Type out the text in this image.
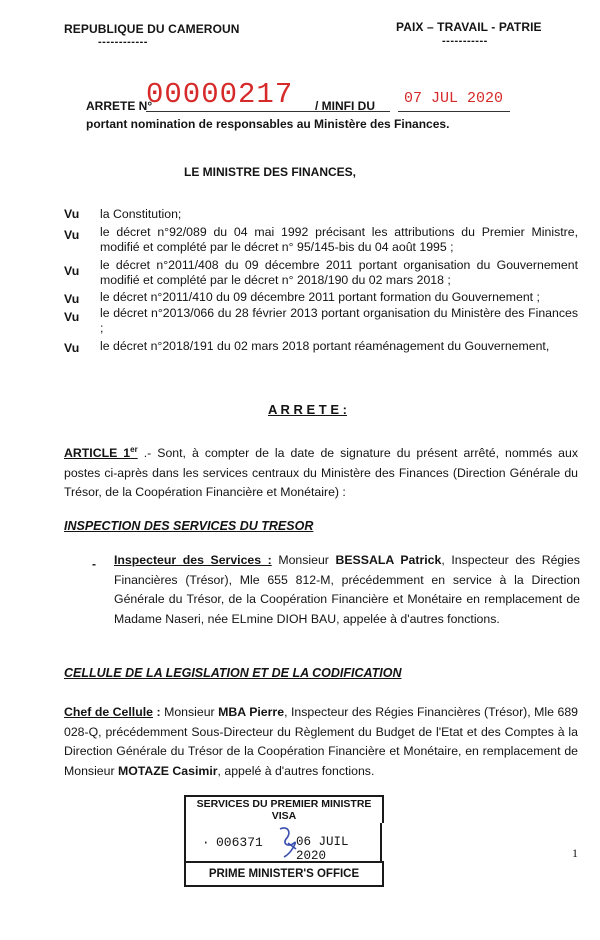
REPUBLIQUE DU CAMEROUN
------------
PAIX – TRAVAIL - PATRIE
-----------
ARRETE N°
00000217 / MINFI DU 07 JUL 2020
portant nomination de responsables au Ministère des Finances.
LE MINISTRE DES FINANCES,
Vu la Constitution;
Vu le décret n°92/089 du 04 mai 1992 précisant les attributions du Premier Ministre, modifié et complété par le décret n° 95/145-bis du 04 août 1995 ;
Vu le décret n°2011/408 du 09 décembre 2011 portant organisation du Gouvernement modifié et complété par le décret n° 2018/190 du 02 mars 2018 ;
Vu le décret n°2011/410 du 09 décembre 2011 portant formation du Gouvernement ;
Vu le décret n°2013/066 du 28 février 2013 portant organisation du Ministère des Finances ;
Vu le décret n°2018/191 du 02 mars 2018 portant réaménagement du Gouvernement,
A R R E T E :
ARTICLE 1er .- Sont, à compter de la date de signature du présent arrêté, nommés aux postes ci-après dans les services centraux du Ministère des Finances (Direction Générale du Trésor, de la Coopération Financière et Monétaire) :
INSPECTION DES SERVICES DU TRESOR
- Inspecteur des Services : Monsieur BESSALA Patrick, Inspecteur des Régies Financières (Trésor), Mle 655 812-M, précédemment en service à la Direction Générale du Trésor, de la Coopération Financière et Monétaire en remplacement de Madame Naseri, née ELmine DIOH BAU, appelée à d'autres fonctions.
CELLULE DE LA LEGISLATION ET DE LA CODIFICATION
Chef de Cellule : Monsieur MBA Pierre, Inspecteur des Régies Financières (Trésor), Mle 689 028-Q, précédemment Sous-Directeur du Règlement du Budget de l'Etat et des Comptes à la Direction Générale du Trésor de la Coopération Financière et Monétaire, en remplacement de Monsieur MOTAZE Casimir, appelé à d'autres fonctions.
SERVICES DU PREMIER MINISTRE
VISA
· 006371	06 JUIL 2020
PRIME MINISTER'S OFFICE
1
